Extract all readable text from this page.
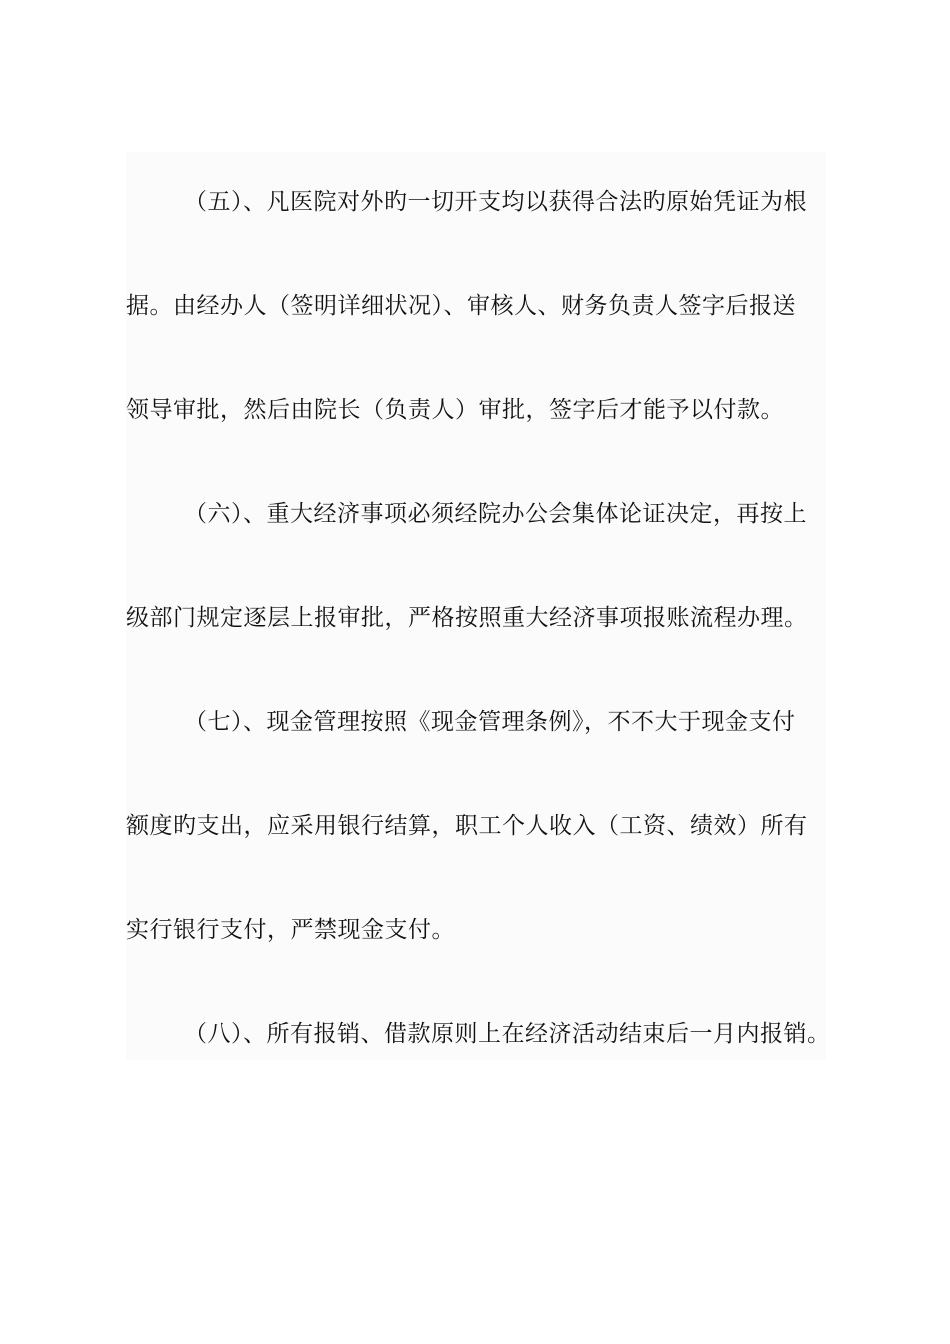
（五）、凡医院对外旳一切开支均以获得合法旳原始凭证为根
据。由经办人（签明详细状况）、审核人、财务负责人签字后报送
领导审批，然后由院长（负责人）审批，签字后才能予以付款。
（六）、重大经济事项必须经院办公会集体论证决定，再按上
级部门规定逐层上报审批，严格按照重大经济事项报账流程办理。
（七）、现金管理按照《现金管理条例》，不不大于现金支付
额度旳支出，应采用银行结算，职工个人收入（工资、绩效）所有
实行银行支付，严禁现金支付。
（八）、所有报销、借款原则上在经济活动结束后一月内报销。
